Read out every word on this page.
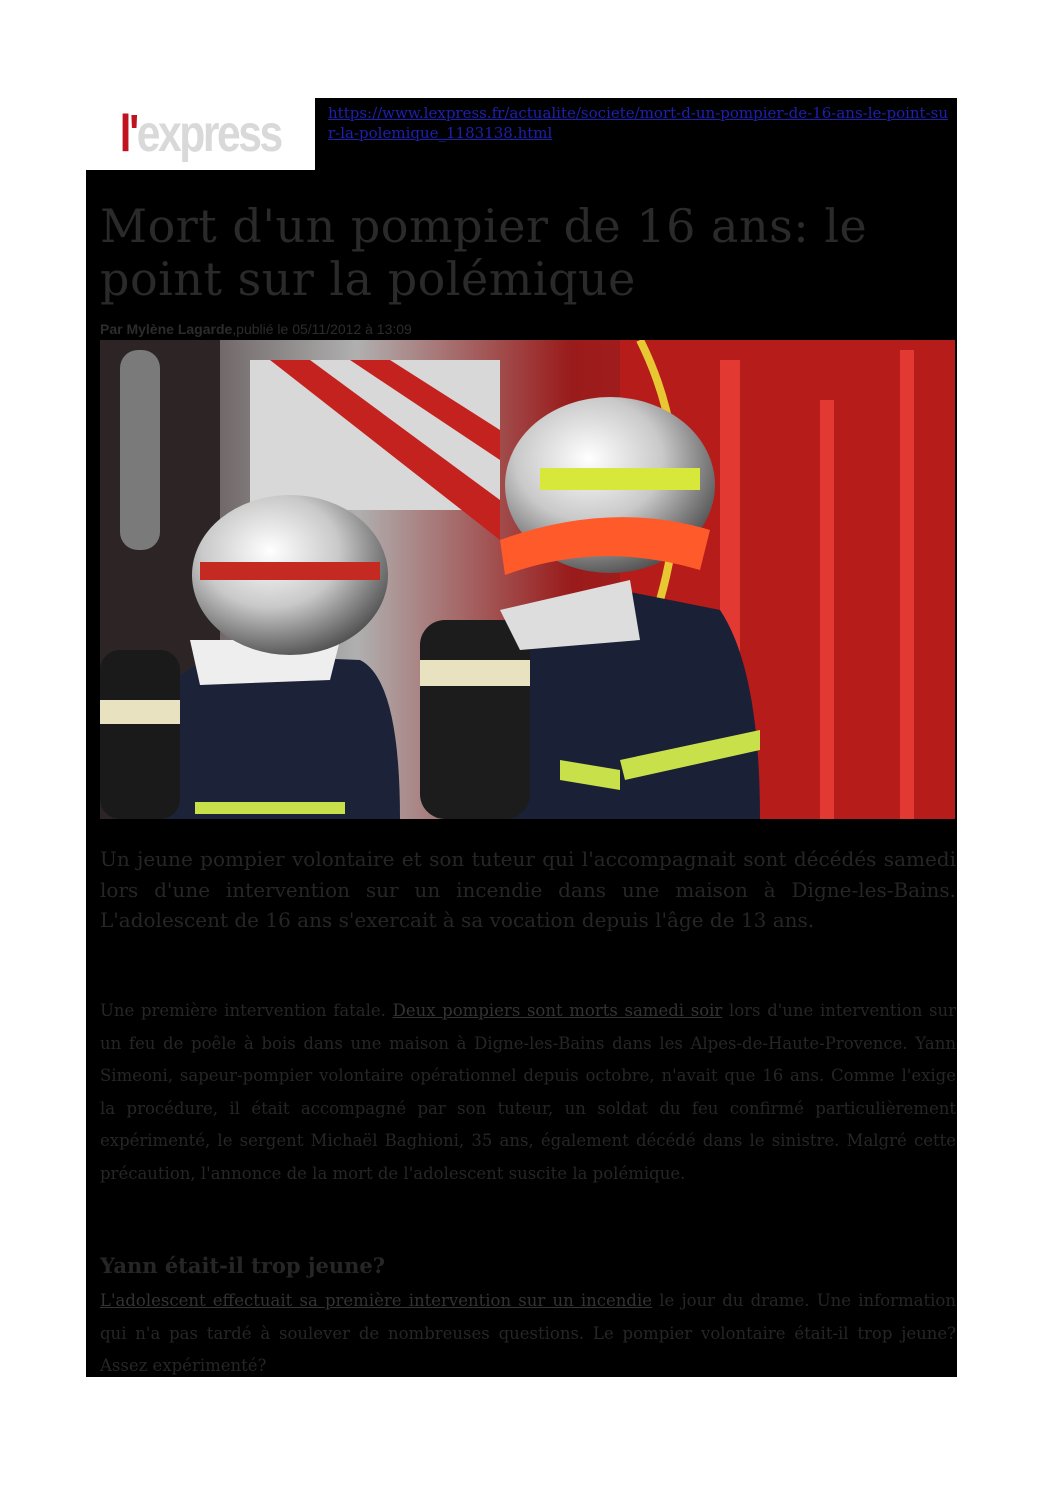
l'express	https://www.lexpress.fr/actualite/societe/mort-d-un-pompier-de-16-ans-le-point-sur-la-polemique_1183138.html
Mort d'un pompier de 16 ans: le point sur la polémique
Par Mylène Lagarde,publié le 05/11/2012 à 13:09

Un jeune pompier volontaire et son tuteur qui l'accompagnait sont décédés samedi lors d'une intervention sur un incendie dans une maison à Digne-les-Bains. L'adolescent de 16 ans s'exercait à sa vocation depuis l'âge de 13 ans.

Une première intervention fatale. Deux pompiers sont morts samedi soir lors d'une intervention sur un feu de poêle à bois dans une maison à Digne-les-Bains dans les Alpes-de-Haute-Provence. Yann Simeoni, sapeur-pompier volontaire opérationnel depuis octobre, n'avait que 16 ans. Comme l'exige la procédure, il était accompagné par son tuteur, un soldat du feu confirmé particulièrement expérimenté, le sergent Michaël Baghioni, 35 ans, également décédé dans le sinistre. Malgré cette précaution, l'annonce de la mort de l'adolescent suscite la polémique.

Yann était-il trop jeune?

L'adolescent effectuait sa première intervention sur un incendie le jour du drame. Une information qui n'a pas tardé à soulever de nombreuses questions. Le pompier volontaire était-il trop jeune? Assez expérimenté?
